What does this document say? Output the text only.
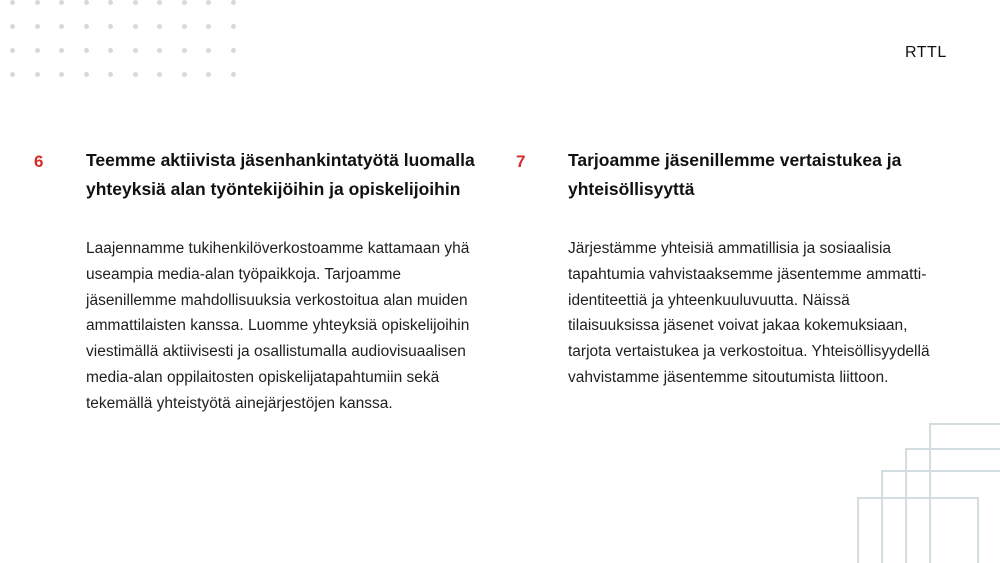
RTTL
6 Teemme aktiivista jäsenhankintatyötä luomalla yhteyksiä alan työntekijöihin ja opiskelijoihin

Laajennamme tukihenkilöverkostoamme kattamaan yhä useampia media-alan työpaikkoja. Tarjoamme jäsenillemme mahdollisuuksia verkostoitua alan muiden ammattilaisten kanssa. Luomme yhteyksiä opiskelijoihin viestimällä aktiivisesti ja osallistumalla audiovisuaalisen media-alan oppilaitosten opiskelijatapahtumiin sekä tekemällä yhteistyötä ainejärjestöjen kanssa.

7 Tarjoamme jäsenillemme vertaistukea ja yhteisöllisyyttä

Järjestämme yhteisiä ammatillisia ja sosiaalisia tapahtumia vahvistaaksemme jäsentemme ammatti-identiteettiä ja yhteenkuuluvuutta. Näissä tilaisuuksissa jäsenet voivat jakaa kokemuksiaan, tarjota vertaistukea ja verkostoitua. Yhteisöllisyydellä vahvistamme jäsentemme sitoutumista liittoon.
